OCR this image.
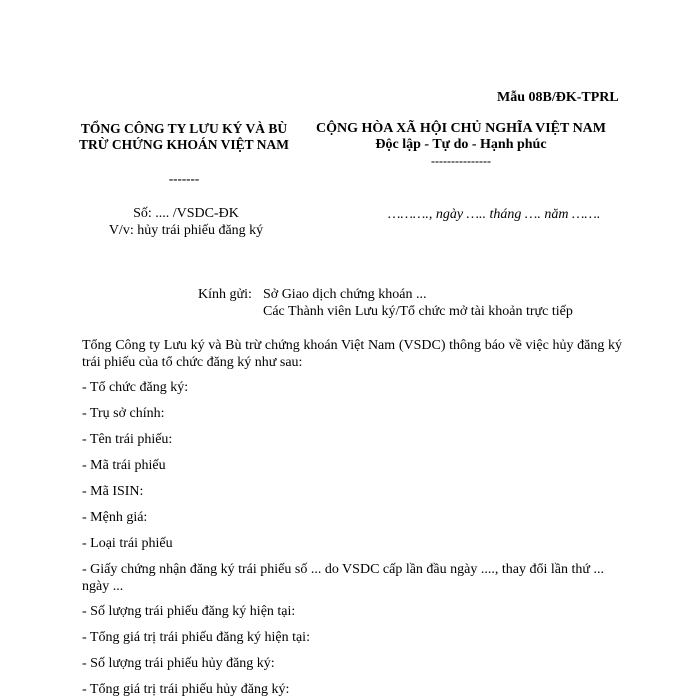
Mẫu 08B/ĐK-TPRL
TỔNG CÔNG TY LƯU KÝ VÀ BÙ TRỪ CHỨNG KHOÁN VIỆT NAM
-------
CỘNG HÒA XÃ HỘI CHỦ NGHĨA VIỆT NAM
Độc lập - Tự do - Hạnh phúc
---------------
Số: .... /VSDC-ĐK
V/v: hủy trái phiếu đăng ký
………., ngày ….. tháng …. năm …….
Kính gửi: Sở Giao dịch chứng khoán ...
Các Thành viên Lưu ký/Tổ chức mở tài khoản trực tiếp
Tổng Công ty Lưu ký và Bù trừ chứng khoán Việt Nam (VSDC) thông báo về việc hủy đăng ký trái phiếu của tổ chức đăng ký như sau:
- Tổ chức đăng ký:
- Trụ sở chính:
- Tên trái phiếu:
- Mã trái phiếu
- Mã ISIN:
- Mệnh giá:
- Loại trái phiếu
- Giấy chứng nhận đăng ký trái phiếu số ... do VSDC cấp lần đầu ngày ...., thay đổi lần thứ ... ngày ...
- Số lượng trái phiếu đăng ký hiện tại:
- Tổng giá trị trái phiếu đăng ký hiện tại:
- Số lượng trái phiếu hủy đăng ký:
- Tổng giá trị trái phiếu hủy đăng ký:
